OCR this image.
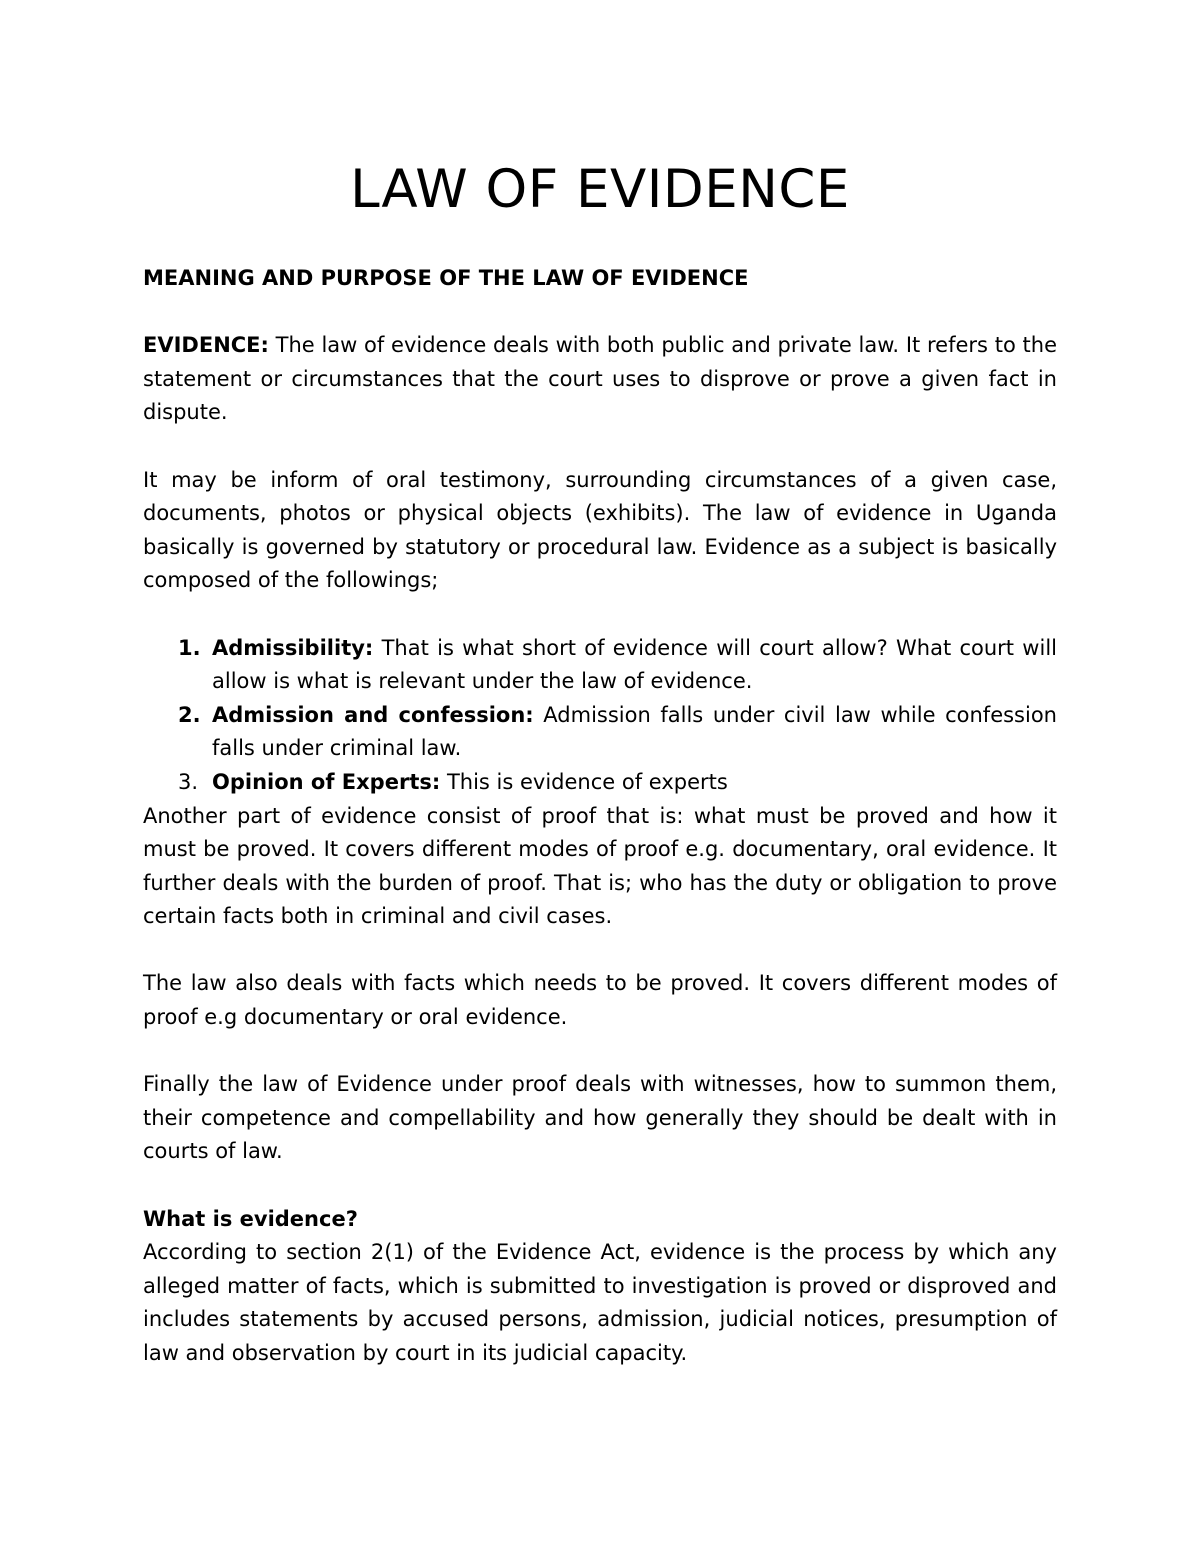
LAW OF EVIDENCE

MEANING AND PURPOSE OF THE LAW OF EVIDENCE

EVIDENCE: The law of evidence deals with both public and private law. It refers to the statement or circumstances that the court uses to disprove or prove a given fact in dispute.

It may be inform of oral testimony, surrounding circumstances of a given case, documents, photos or physical objects (exhibits). The law of evidence in Uganda basically is governed by statutory or procedural law. Evidence as a subject is basically composed of the followings;

1. Admissibility: That is what short of evidence will court allow? What court will allow is what is relevant under the law of evidence.
2. Admission and confession: Admission falls under civil law while confession falls under criminal law.
3. Opinion of Experts: This is evidence of experts

Another part of evidence consist of proof that is: what must be proved and how it must be proved. It covers different modes of proof e.g. documentary, oral evidence. It further deals with the burden of proof. That is; who has the duty or obligation to prove certain facts both in criminal and civil cases.

The law also deals with facts which needs to be proved. It covers different modes of proof e.g documentary or oral evidence.

Finally the law of Evidence under proof deals with witnesses, how to summon them, their competence and compellability and how generally they should be dealt with in courts of law.

What is evidence?

According to section 2(1) of the Evidence Act, evidence is the process by which any alleged matter of facts, which is submitted to investigation is proved or disproved and includes statements by accused persons, admission, judicial notices, presumption of law and observation by court in its judicial capacity.
